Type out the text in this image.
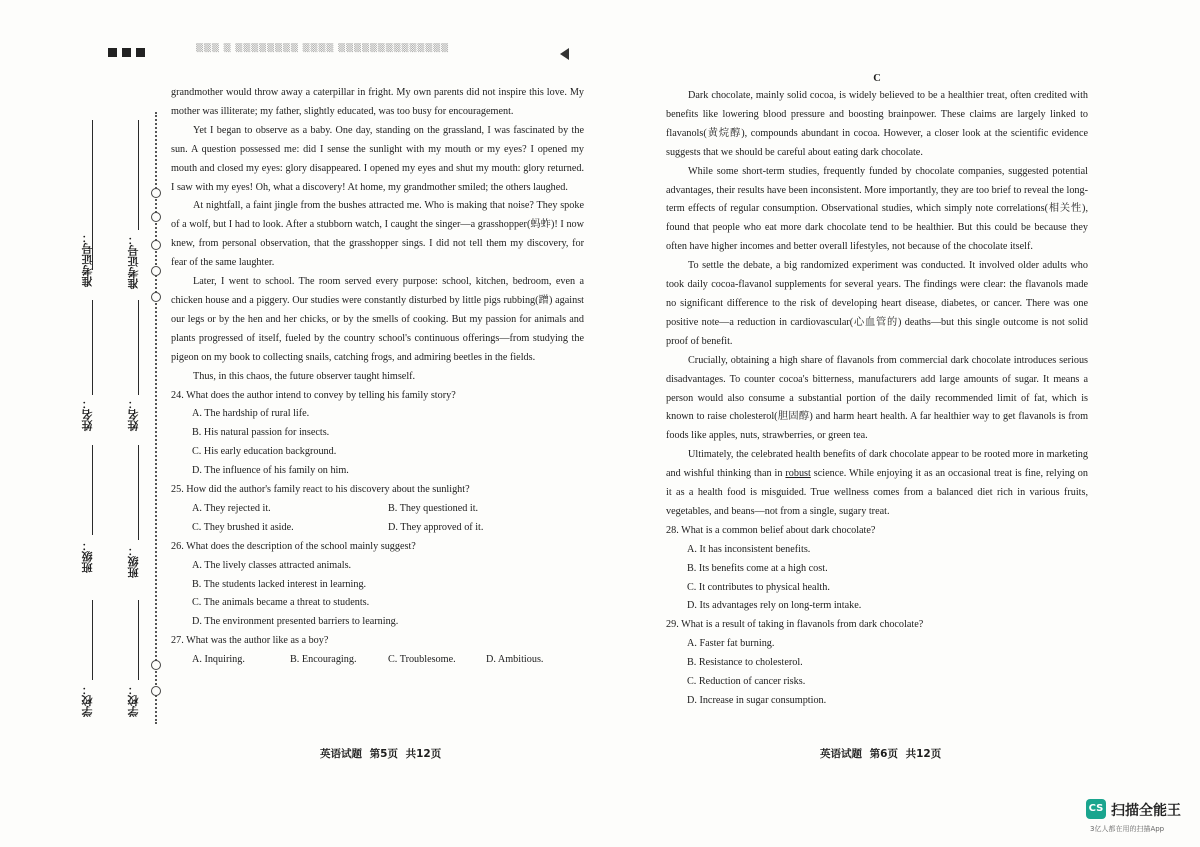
▒▒▒ ▒ ▒▒▒▒▒▒▒▒ ▒▒▒▒ ▒▒▒▒▒▒▒▒▒▒▒▒▒▒
准考证号：
姓名：
班级：
学校：
准考证号：
姓名：
班级：
学校：

grandmother would throw away a caterpillar in fright. My own parents did not inspire this love. My mother was illiterate; my father, slightly educated, was too busy for encouragement.

Yet I began to observe as a baby. One day, standing on the grassland, I was fascinated by the sun. A question possessed me: did I sense the sunlight with my mouth or my eyes? I opened my mouth and closed my eyes: glory disappeared. I opened my eyes and shut my mouth: glory returned. I saw with my eyes! Oh, what a discovery! At home, my grandmother smiled; the others laughed.

At nightfall, a faint jingle from the bushes attracted me. Who is making that noise? They spoke of a wolf, but I had to look. After a stubborn watch, I caught the singer—a grasshopper(蚂蚱)! I now knew, from personal observation, that the grasshopper sings. I did not tell them my discovery, for fear of the same laughter.

Later, I went to school. The room served every purpose: school, kitchen, bedroom, even a chicken house and a piggery. Our studies were constantly disturbed by little pigs rubbing(蹭) against our legs or by the hen and her chicks, or by the smells of cooking. But my passion for animals and plants progressed of itself, fueled by the country school's continuous offerings—from studying the pigeon on my book to collecting snails, catching frogs, and admiring beetles in the fields.

Thus, in this chaos, the future observer taught himself.

24. What does the author intend to convey by telling his family story?

A. The hardship of rural life.

B. His natural passion for insects.

C. His early education background.

D. The influence of his family on him.

25. How did the author's family react to his discovery about the sunlight?

A. They rejected it.	B. They questioned it.
C. They brushed it aside.	D. They approved of it.

26. What does the description of the school mainly suggest?

A. The lively classes attracted animals.

B. The students lacked interest in learning.

C. The animals became a threat to students.

D. The environment presented barriers to learning.

27. What was the author like as a boy?

A. Inquiring.	B. Encouraging.	C. Troublesome.	D. Ambitious.
C

Dark chocolate, mainly solid cocoa, is widely believed to be a healthier treat, often credited with benefits like lowering blood pressure and boosting brainpower. These claims are largely linked to flavanols(黄烷醇), compounds abundant in cocoa. However, a closer look at the scientific evidence suggests that we should be careful about eating dark chocolate.

While some short-term studies, frequently funded by chocolate companies, suggested potential advantages, their results have been inconsistent. More importantly, they are too brief to reveal the long-term effects of regular consumption. Observational studies, which simply note correlations(相关性), found that people who eat more dark chocolate tend to be healthier. But this could be because they often have higher incomes and better overall lifestyles, not because of the chocolate itself.

To settle the debate, a big randomized experiment was conducted. It involved older adults who took daily cocoa-flavanol supplements for several years. The findings were clear: the flavanols made no significant difference to the risk of developing heart disease, diabetes, or cancer. There was one positive note—a reduction in cardiovascular(心血管的) deaths—but this single outcome is not solid proof of benefit.

Crucially, obtaining a high share of flavanols from commercial dark chocolate introduces serious disadvantages. To counter cocoa's bitterness, manufacturers add large amounts of sugar. It means a person would also consume a substantial portion of the daily recommended limit of fat, which is known to raise cholesterol(胆固醇) and harm heart health. A far healthier way to get flavanols is from foods like apples, nuts, strawberries, or green tea.

Ultimately, the celebrated health benefits of dark chocolate appear to be rooted more in marketing and wishful thinking than in robust science. While enjoying it as an occasional treat is fine, relying on it as a health food is misguided. True wellness comes from a balanced diet rich in various fruits, vegetables, and beans—not from a single, sugary treat.

28. What is a common belief about dark chocolate?

A. It has inconsistent benefits.

B. Its benefits come at a high cost.

C. It contributes to physical health.

D. Its advantages rely on long-term intake.

29. What is a result of taking in flavanols from dark chocolate?

A. Faster fat burning.

B. Resistance to cholesterol.

C. Reduction of cancer risks.

D. Increase in sugar consumption.

英语试题 第5页 共12页	英语试题 第6页 共12页
CS 扫描全能王
3亿人都在用的扫描App
